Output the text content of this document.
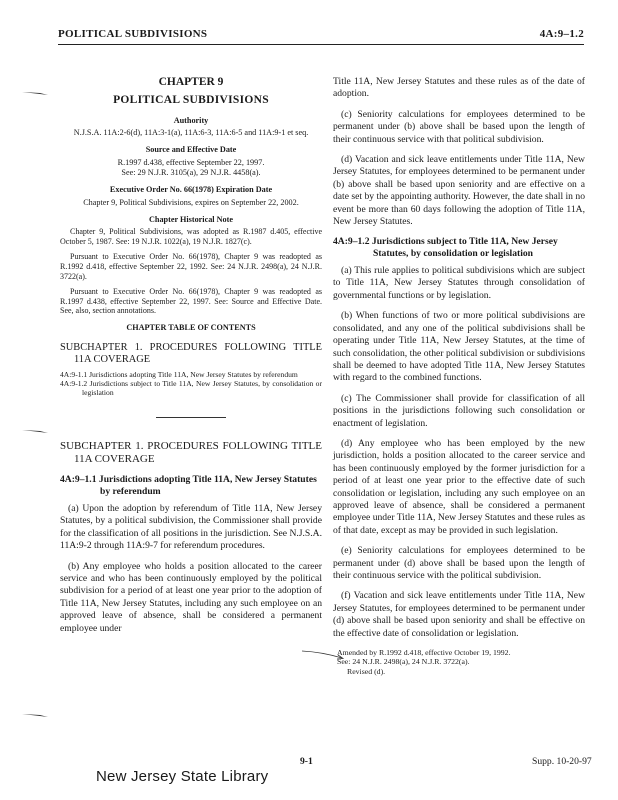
POLITICAL SUBDIVISIONS	4A:9–1.2
CHAPTER 9
POLITICAL SUBDIVISIONS
Authority
N.J.S.A. 11A:2-6(d), 11A:3-1(a), 11A:6-3, 11A:6-5 and 11A:9-1 et seq.
Source and Effective Date
R.1997 d.438, effective September 22, 1997.
See: 29 N.J.R. 3105(a), 29 N.J.R. 4458(a).
Executive Order No. 66(1978) Expiration Date
Chapter 9, Political Subdivisions, expires on September 22, 2002.
Chapter Historical Note
Chapter 9, Political Subdivisions, was adopted as R.1987 d.405, effective October 5, 1987. See: 19 N.J.R. 1022(a), 19 N.J.R. 1827(c).
Pursuant to Executive Order No. 66(1978), Chapter 9 was readopted as R.1992 d.418, effective September 22, 1992. See: 24 N.J.R. 2498(a), 24 N.J.R. 3722(a).
Pursuant to Executive Order No. 66(1978), Chapter 9 was readopted as R.1997 d.438, effective September 22, 1997. See: Source and Effective Date. See, also, section annotations.
CHAPTER TABLE OF CONTENTS
SUBCHAPTER 1. PROCEDURES FOLLOWING TITLE 11A COVERAGE
4A:9-1.1 Jurisdictions adopting Title 11A, New Jersey Statutes by referendum
4A:9-1.2 Jurisdictions subject to Title 11A, New Jersey Statutes, by consolidation or legislation
SUBCHAPTER 1. PROCEDURES FOLLOWING TITLE 11A COVERAGE
4A:9–1.1 Jurisdictions adopting Title 11A, New Jersey Statutes by referendum

(a) Upon the adoption by referendum of Title 11A, New Jersey Statutes, by a political subdivision, the Commissioner shall provide for the classification of all positions in the jurisdiction. See N.J.S.A. 11A:9-2 through 11A:9-7 for referendum procedures.

(b) Any employee who holds a position allocated to the career service and who has been continuously employed by the political subdivision for a period of at least one year prior to the adoption of Title 11A, New Jersey Statutes, including any such employee on an approved leave of absence, shall be considered a permanent employee under

Title 11A, New Jersey Statutes and these rules as of the date of adoption.

(c) Seniority calculations for employees determined to be permanent under (b) above shall be based upon the length of their continuous service with that political subdivision.

(d) Vacation and sick leave entitlements under Title 11A, New Jersey Statutes, for employees determined to be permanent under (b) above shall be based upon seniority and are effective on a date set by the appointing authority. However, the date shall in no event be more than 60 days following the adoption of Title 11A, New Jersey Statutes.

4A:9–1.2 Jurisdictions subject to Title 11A, New Jersey Statutes, by consolidation or legislation

(a) This rule applies to political subdivisions which are subject to Title 11A, New Jersey Statutes through consolidation of governmental functions or by legislation.

(b) When functions of two or more political subdivisions are consolidated, and any one of the political subdivisions shall be operating under Title 11A, New Jersey Statutes, at the time of such consolidation, the other political subdivision or subdivisions shall be deemed to have adopted Title 11A, New Jersey Statutes with regard to the combined functions.

(c) The Commissioner shall provide for classification of all positions in the jurisdictions following such consolidation or enactment of legislation.

(d) Any employee who has been employed by the new jurisdiction, holds a position allocated to the career service and has been continuously employed by the former jurisdiction for a period of at least one year prior to the effective date of such consolidation or legislation, including any such employee on an approved leave of absence, shall be considered a permanent employee under Title 11A, New Jersey Statutes and these rules as of that date, except as may be provided in such legislation.

(e) Seniority calculations for employees determined to be permanent under (d) above shall be based upon the length of their continuous service with the political subdivision.

(f) Vacation and sick leave entitlements under Title 11A, New Jersey Statutes, for employees determined to be permanent under (d) above shall be based upon seniority and shall be effective on the effective date of consolidation or legislation.

Amended by R.1992 d.418, effective October 19, 1992.
See: 24 N.J.R. 2498(a), 24 N.J.R. 3722(a).
Revised (d).
New Jersey State Library
9-1	Supp. 10-20-97
